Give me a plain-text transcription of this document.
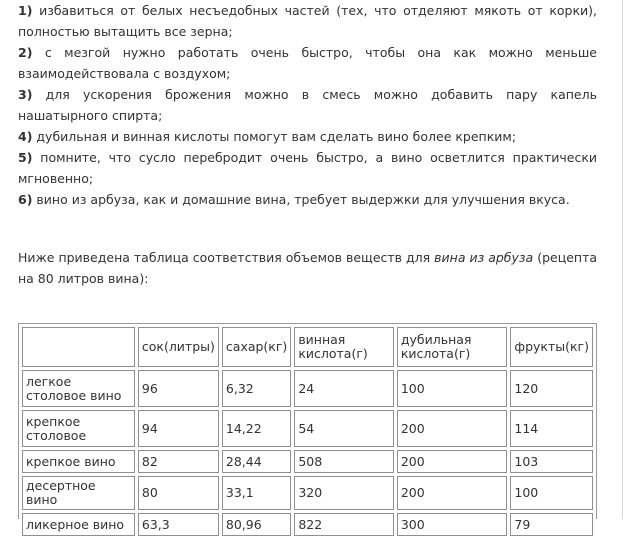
1) избавиться от белых несъедобных частей (тех, что отделяют мякоть от корки), полностью вытащить все зерна;

2) с мезгой нужно работать очень быстро, чтобы она как можно меньше взаимодействовала с воздухом;

3) для ускорения брожения можно в смесь можно добавить пару капель нашатырного спирта;

4) дубильная и винная кислоты помогут вам сделать вино более крепким;

5) помните, что сусло перебродит очень быстро, а вино осветлится практически мгновенно;

6) вино из арбуза, как и домашние вина, требует выдержки для улучшения вкуса.

Ниже приведена таблица соответствия объемов веществ для вина из арбуза (рецепта на 80 литров вина):

	сок(литры)	сахар(кг)	винная кислота(г)	дубильная кислота(г)	фрукты(кг)
легкое столовое вино	96	6,32	24	100	120
крепкое столовое	94	14,22	54	200	114
крепкое вино	82	28,44	508	200	103
десертное вино	80	33,1	320	200	100
ликерное вино	63,3	80,96	822	300	79
